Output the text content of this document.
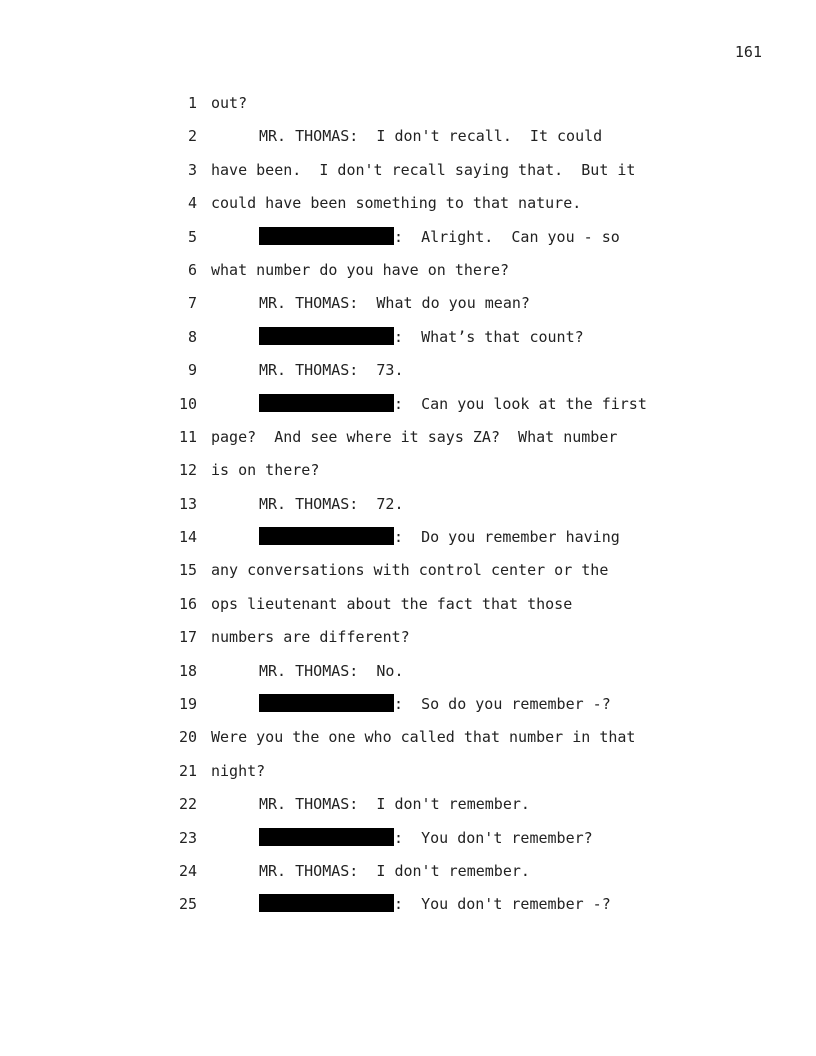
161
1 out?
2	MR. THOMAS:  I don't recall.  It could
3 have been.  I don't recall saying that.  But it
4 could have been something to that nature.
5	:  Alright.  Can you - so
6 what number do you have on there?
7	MR. THOMAS:  What do you mean?
8	:  What’s that count?
9	MR. THOMAS:  73.
10	:  Can you look at the first
11 page?  And see where it says ZA?  What number
12 is on there?
13	MR. THOMAS:  72.
14	:  Do you remember having
15 any conversations with control center or the
16 ops lieutenant about the fact that those
17 numbers are different?
18	MR. THOMAS:  No.
19	:  So do you remember -?
20 Were you the one who called that number in that
21 night?
22	MR. THOMAS:  I don't remember.
23	:  You don't remember?
24	MR. THOMAS:  I don't remember.
25	:  You don't remember -?
